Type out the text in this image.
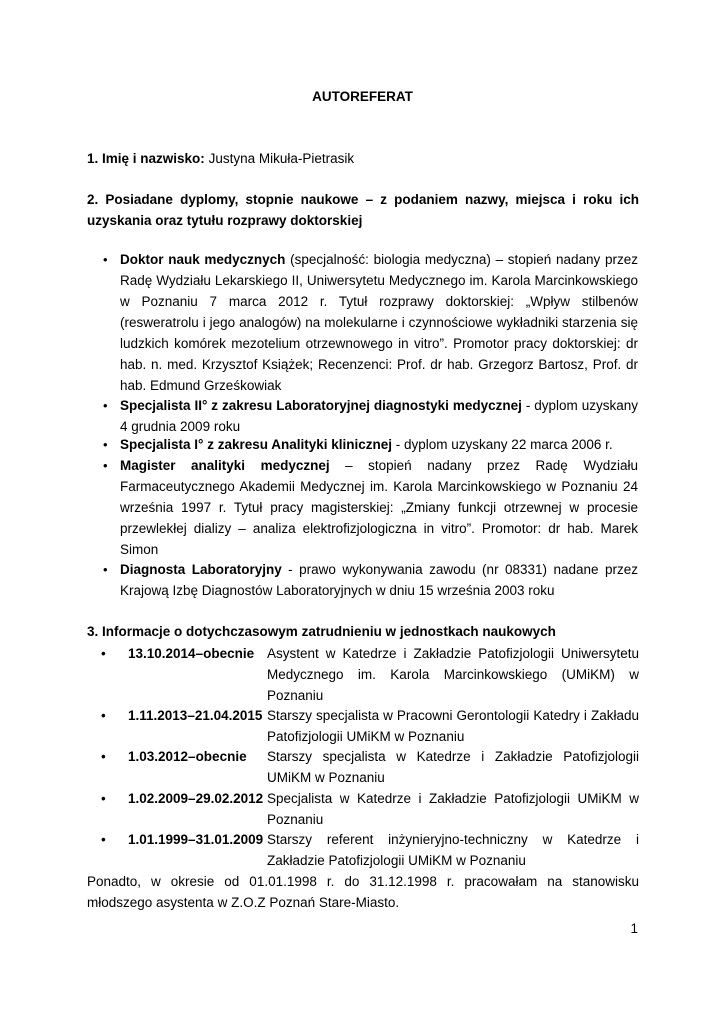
AUTOREFERAT
1. Imię i nazwisko: Justyna Mikuła-Pietrasik
2. Posiadane dyplomy, stopnie naukowe – z podaniem nazwy, miejsca i roku ich uzyskania oraz tytułu rozprawy doktorskiej
• Doktor nauk medycznych (specjalność: biologia medyczna) – stopień nadany przez Radę Wydziału Lekarskiego II, Uniwersytetu Medycznego im. Karola Marcinkowskiego w Poznaniu 7 marca 2012 r. Tytuł rozprawy doktorskiej: „Wpływ stilbenów (resweratrolu i jego analogów) na molekularne i czynnościowe wykładniki starzenia się ludzkich komórek mezotelium otrzewnowego in vitro”. Promotor pracy doktorskiej: dr hab. n. med. Krzysztof Książek; Recenzenci: Prof. dr hab. Grzegorz Bartosz, Prof. dr hab. Edmund Grześkowiak
• Specjalista II° z zakresu Laboratoryjnej diagnostyki medycznej - dyplom uzyskany 4 grudnia 2009 roku
• Specjalista I° z zakresu Analityki klinicznej - dyplom uzyskany 22 marca 2006 r.
• Magister analityki medycznej – stopień nadany przez Radę Wydziału Farmaceutycznego Akademii Medycznej im. Karola Marcinkowskiego w Poznaniu 24 września 1997 r. Tytuł pracy magisterskiej: „Zmiany funkcji otrzewnej w procesie przewlekłej dializy – analiza elektrofizjologiczna in vitro”. Promotor: dr hab. Marek Simon
• Diagnosta Laboratoryjny - prawo wykonywania zawodu (nr 08331) nadane przez Krajową Izbę Diagnostów Laboratoryjnych w dniu 15 września 2003 roku
3. Informacje o dotychczasowym zatrudnieniu w jednostkach naukowych
• 13.10.2014–obecnie Asystent w Katedrze i Zakładzie Patofizjologii Uniwersytetu Medycznego im. Karola Marcinkowskiego (UMiKM) w Poznaniu
• 1.11.2013–21.04.2015 Starszy specjalista w Pracowni Gerontologii Katedry i Zakładu Patofizjologii UMiKM w Poznaniu
• 1.03.2012–obecnie Starszy specjalista w Katedrze i Zakładzie Patofizjologii UMiKM w Poznaniu
• 1.02.2009–29.02.2012 Specjalista w Katedrze i Zakładzie Patofizjologii UMiKM w Poznaniu
• 1.01.1999–31.01.2009 Starszy referent inżynieryjno-techniczny w Katedrze i Zakładzie Patofizjologii UMiKM w Poznaniu
Ponadto, w okresie od 01.01.1998 r. do 31.12.1998 r. pracowałam na stanowisku młodszego asystenta w Z.O.Z Poznań Stare-Miasto.
1
